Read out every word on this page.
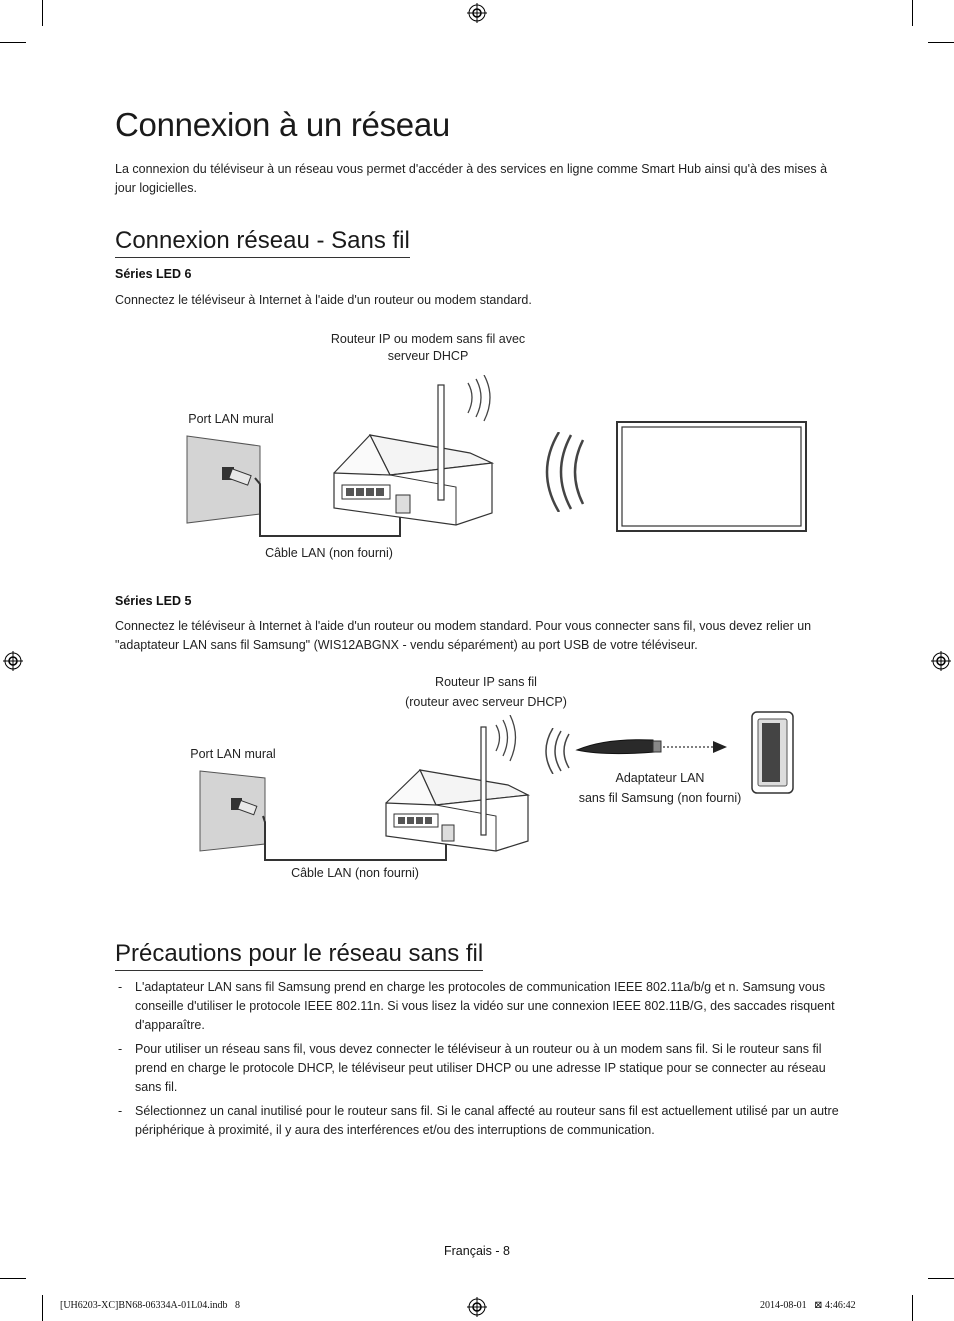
Connexion à un réseau
La connexion du téléviseur à un réseau vous permet d'accéder à des services en ligne comme Smart Hub ainsi qu'à des mises à jour logicielles.
Connexion réseau - Sans fil
Séries LED 6
Connectez le téléviseur à Internet à l'aide d'un routeur ou modem standard.
Routeur IP ou modem sans fil avec
serveur DHCP
Port LAN mural
Câble LAN (non fourni)
Séries LED 5
Connectez le téléviseur à Internet à l'aide d'un routeur ou modem standard. Pour vous connecter sans fil, vous devez relier un "adaptateur LAN sans fil Samsung" (WIS12ABGNX - vendu séparément) au port USB de votre téléviseur.
Routeur IP sans fil
(routeur avec serveur DHCP)
Port LAN mural
Câble LAN (non fourni)
Adaptateur LAN
sans fil Samsung (non fourni)
Précautions pour le réseau sans fil
- L'adaptateur LAN sans fil Samsung prend en charge les protocoles de communication IEEE 802.11a/b/g et n. Samsung vous conseille d'utiliser le protocole IEEE 802.11n. Si vous lisez la vidéo sur une connexion IEEE 802.11B/G, des saccades risquent d'apparaître.
- Pour utiliser un réseau sans fil, vous devez connecter le téléviseur à un routeur ou à un modem sans fil. Si le routeur sans fil prend en charge le protocole DHCP, le téléviseur peut utiliser DHCP ou une adresse IP statique pour se connecter au réseau sans fil.
- Sélectionnez un canal inutilisé pour le routeur sans fil. Si le canal affecté au routeur sans fil est actuellement utilisé par un autre périphérique à proximité, il y aura des interférences et/ou des interruptions de communication.
Français - 8
[UH6203-XC]BN68-06334A-01L04.indb   8	2014-08-01   ⊠ 4:46:42
